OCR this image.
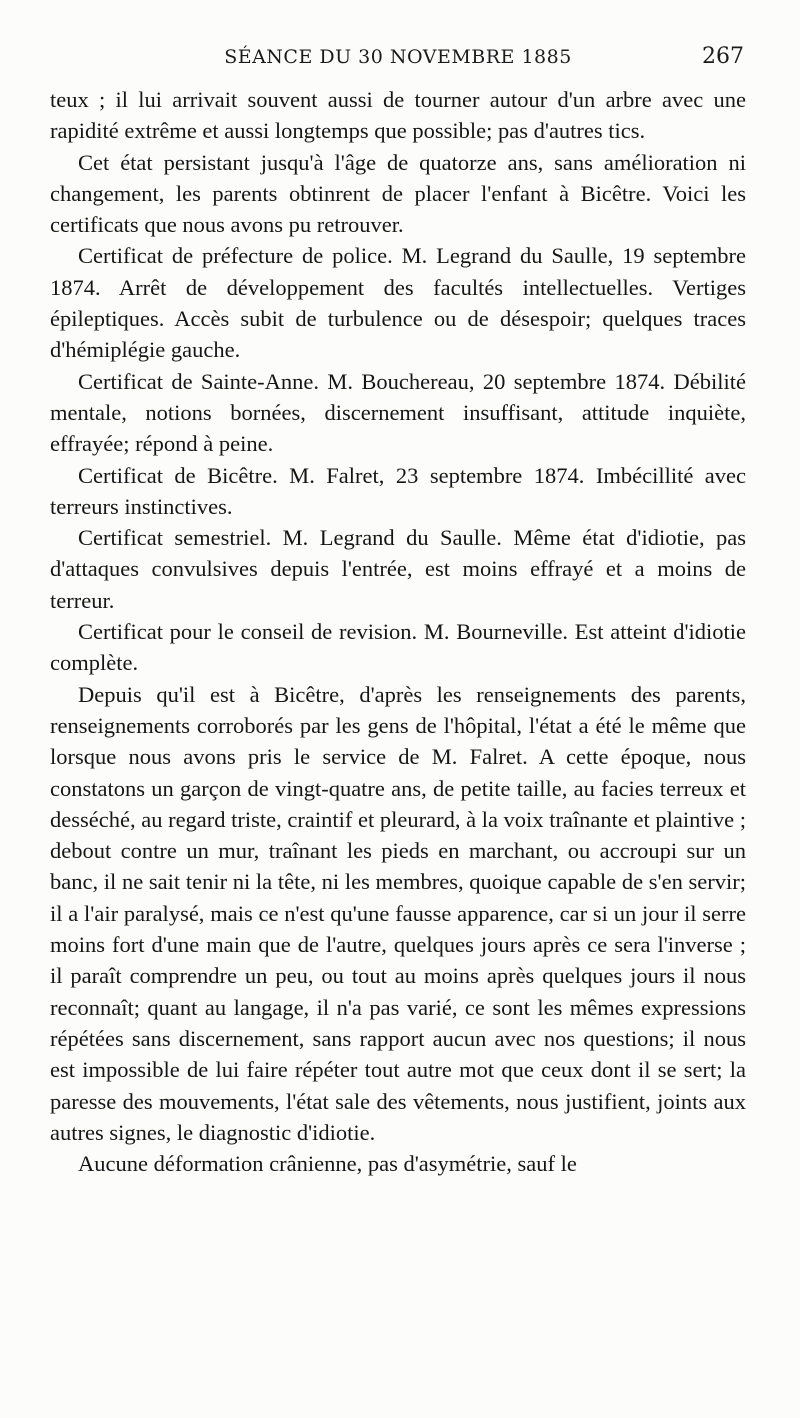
SÉANCE DU 30 NOVEMBRE 1885	267

teux ; il lui arrivait souvent aussi de tourner autour d'un arbre avec une rapidité extrême et aussi longtemps que possible; pas d'autres tics.

Cet état persistant jusqu'à l'âge de quatorze ans, sans amélioration ni changement, les parents obtinrent de placer l'enfant à Bicêtre. Voici les certificats que nous avons pu retrouver.

Certificat de préfecture de police. M. Legrand du Saulle, 19 septembre 1874. Arrêt de développement des facultés intellectuelles. Vertiges épileptiques. Accès subit de turbulence ou de désespoir; quelques traces d'hémiplégie gauche.

Certificat de Sainte-Anne. M. Bouchereau, 20 septembre 1874. Débilité mentale, notions bornées, discernement insuffisant, attitude inquiète, effrayée; répond à peine.

Certificat de Bicêtre. M. Falret, 23 septembre 1874. Imbécillité avec terreurs instinctives.

Certificat semestriel. M. Legrand du Saulle. Même état d'idiotie, pas d'attaques convulsives depuis l'entrée, est moins effrayé et a moins de terreur.

Certificat pour le conseil de revision. M. Bourneville. Est atteint d'idiotie complète.

Depuis qu'il est à Bicêtre, d'après les renseignements des parents, renseignements corroborés par les gens de l'hôpital, l'état a été le même que lorsque nous avons pris le service de M. Falret. A cette époque, nous constatons un garçon de vingt-quatre ans, de petite taille, au facies terreux et desséché, au regard triste, craintif et pleurard, à la voix traînante et plaintive ; debout contre un mur, traînant les pieds en marchant, ou accroupi sur un banc, il ne sait tenir ni la tête, ni les membres, quoique capable de s'en servir; il a l'air paralysé, mais ce n'est qu'une fausse apparence, car si un jour il serre moins fort d'une main que de l'autre, quelques jours après ce sera l'inverse ; il paraît comprendre un peu, ou tout au moins après quelques jours il nous reconnaît; quant au langage, il n'a pas varié, ce sont les mêmes expressions répétées sans discernement, sans rapport aucun avec nos questions; il nous est impossible de lui faire répéter tout autre mot que ceux dont il se sert; la paresse des mouvements, l'état sale des vêtements, nous justifient, joints aux autres signes, le diagnostic d'idiotie.

Aucune déformation crânienne, pas d'asymétrie, sauf le
